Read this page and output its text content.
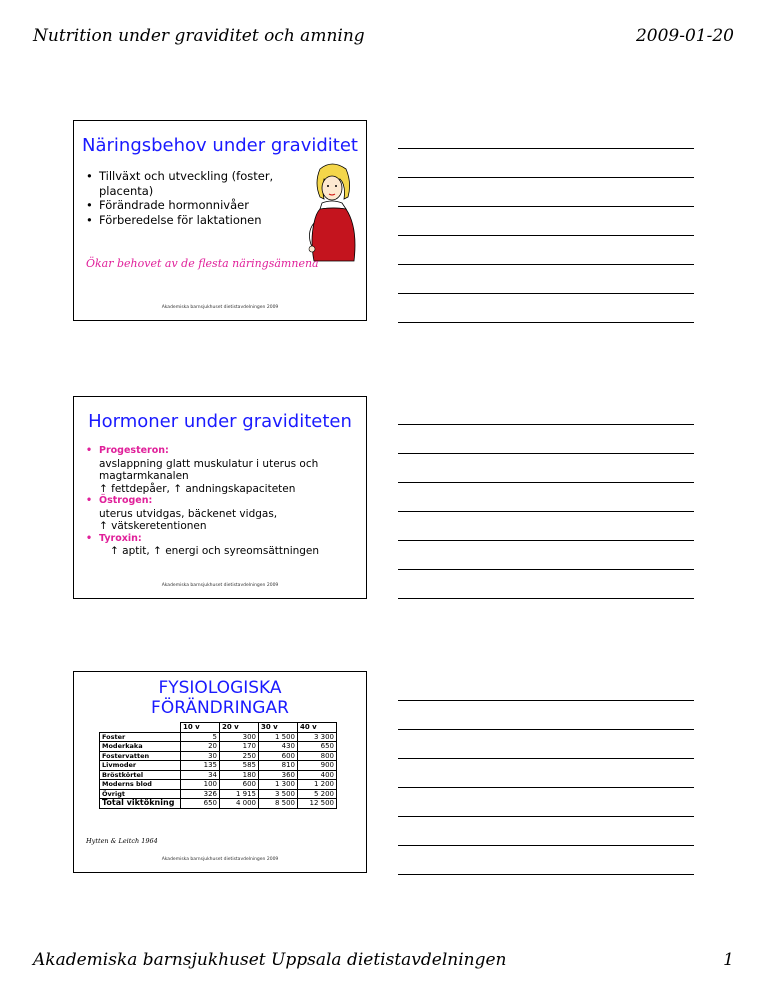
Nutrition under graviditet och amning	2009-01-20
Näringsbehov under graviditet
• Tillväxt och utveckling (foster, placenta)
• Förändrade hormonnivåer
• Förberedelse för laktationen
Ökar behovet av de flesta näringsämnena
Akademiska barnsjukhuset dietistavdelningen 2009
Hormoner under graviditeten
• Progesteron:
avslappning glatt muskulatur i uterus och magtarmkanalen
↑ fettdepåer, ↑ andningskapaciteten
• Östrogen:
uterus utvidgas, bäckenet vidgas,
↑ vätskeretentionen
• Tyroxin:
↑ aptit, ↑ energi och syreomsättningen
Akademiska barnsjukhuset dietistavdelningen 2009
FYSIOLOGISKA
FÖRÄNDRINGAR
	10 v	20 v	30 v	40 v
Foster	5	300	1 500	3 300
Moderkaka	20	170	430	650
Fostervatten	30	250	600	800
Livmoder	135	585	810	900
Bröstkörtel	34	180	360	400
Moderns blod	100	600	1 300	1 200
Övrigt	326	1 915	3 500	5 200
Total viktökning	650	4 000	8 500	12 500
Hytten & Leitch 1964
Akademiska barnsjukhuset dietistavdelningen 2009
Akademiska barnsjukhuset Uppsala dietistavdelningen	1
